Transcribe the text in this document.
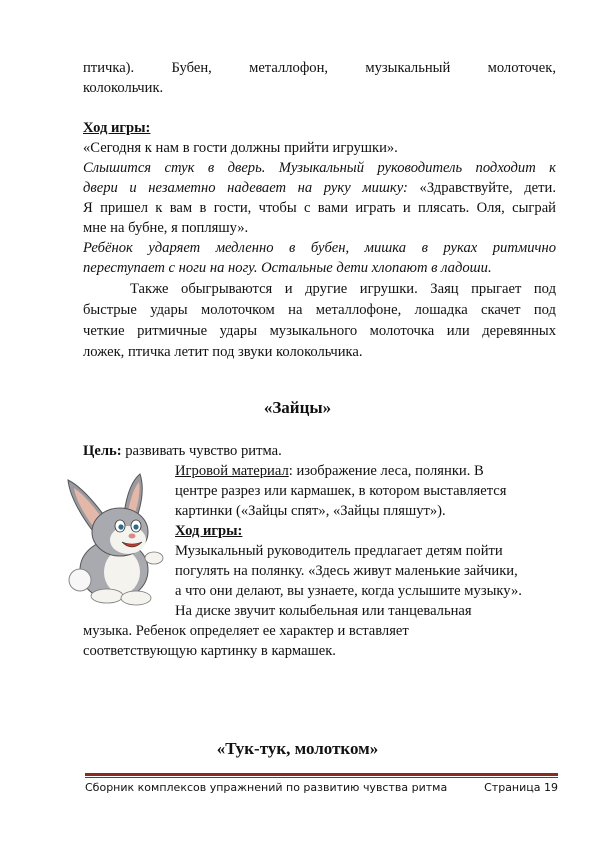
птичка).	Бубен,	металлофон,	музыкальный	молоточек,
колокольчик.
Ход игры:
«Сегодня к нам в гости должны прийти игрушки».
Слышится стук в дверь. Музыкальный руководитель подходит к
двери и незаметно надевает на руку мишку: «Здравствуйте, дети.
Я пришел к вам в гости, чтобы с вами играть и плясать. Оля, сыграй
мне на бубне, я попляшу».
Ребёнок ударяет медленно в бубен, мишка в руках ритмично
переступает с ноги на ногу. Остальные дети хлопают в ладоши.
Также обыгрываются и другие игрушки. Заяц прыгает под
быстрые удары молоточком на металлофоне, лошадка скачет под
четкие ритмичные удары музыкального молоточка или деревянных
ложек, птичка летит под звуки колокольчика.
«Зайцы»
Цель: развивать чувство ритма.
Игровой материал: изображение леса, полянки. В
центре разрез или кармашек, в котором выставляется
картинки («Зайцы спят», «Зайцы пляшут»).
Ход игры:
Музыкальный руководитель предлагает детям пойти
погулять на полянку. «Здесь живут маленькие зайчики,
а что они делают, вы узнаете, когда услышите музыку».
На диске звучит колыбельная или танцевальная
музыка. Ребенок определяет ее характер и вставляет
соответствующую картинку в кармашек.
«Тук-тук, молотком»
Сборник комплексов упражнений по развитию чувства ритма	Страница 19
